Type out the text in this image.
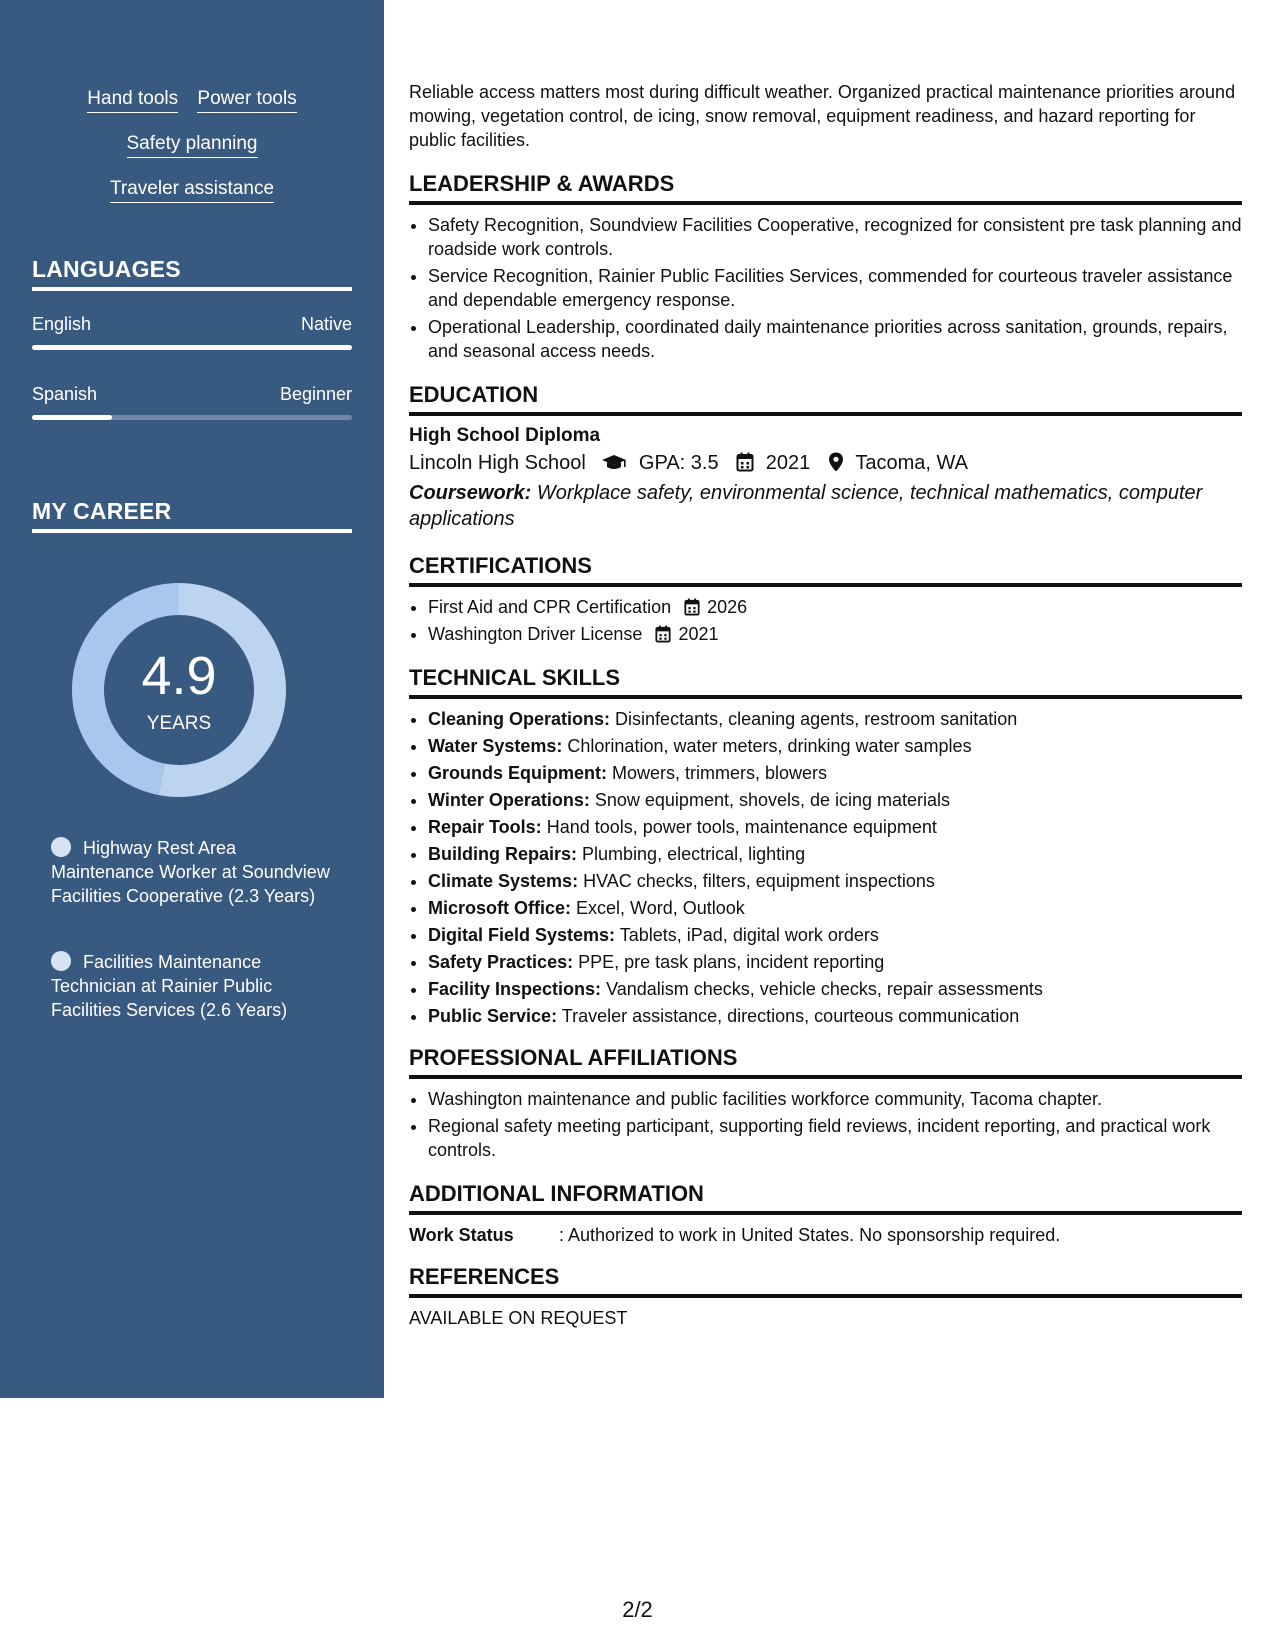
Hand tools Power tools
Safety planning
Traveler assistance
LANGUAGES
English	Native
Spanish	Beginner
MY CAREER
4.9
YEARS
Highway Rest Area Maintenance Worker at Soundview Facilities Cooperative (2.3 Years)
Facilities Maintenance Technician at Rainier Public Facilities Services (2.6 Years)

Reliable access matters most during difficult weather. Organized practical maintenance priorities around mowing, vegetation control, de icing, snow removal, equipment readiness, and hazard reporting for public facilities.

LEADERSHIP & AWARDS
• Safety Recognition, Soundview Facilities Cooperative, recognized for consistent pre task planning and roadside work controls.
• Service Recognition, Rainier Public Facilities Services, commended for courteous traveler assistance and dependable emergency response.
• Operational Leadership, coordinated daily maintenance priorities across sanitation, grounds, repairs, and seasonal access needs.
EDUCATION
High School Diploma
Lincoln High School	GPA: 3.5 2021 Tacoma, WA
Coursework: Workplace safety, environmental science, technical mathematics, computer applications
CERTIFICATIONS
• First Aid and CPR Certification 2026
• Washington Driver License 2021
TECHNICAL SKILLS
• Cleaning Operations: Disinfectants, cleaning agents, restroom sanitation
• Water Systems: Chlorination, water meters, drinking water samples
• Grounds Equipment: Mowers, trimmers, blowers
• Winter Operations: Snow equipment, shovels, de icing materials
• Repair Tools: Hand tools, power tools, maintenance equipment
• Building Repairs: Plumbing, electrical, lighting
• Climate Systems: HVAC checks, filters, equipment inspections
• Microsoft Office: Excel, Word, Outlook
• Digital Field Systems: Tablets, iPad, digital work orders
• Safety Practices: PPE, pre task plans, incident reporting
• Facility Inspections: Vandalism checks, vehicle checks, repair assessments
• Public Service: Traveler assistance, directions, courteous communication
PROFESSIONAL AFFILIATIONS
• Washington maintenance and public facilities workforce community, Tacoma chapter.
• Regional safety meeting participant, supporting field reviews, incident reporting, and practical work controls.
ADDITIONAL INFORMATION
Work Status	: Authorized to work in United States. No sponsorship required.
REFERENCES
AVAILABLE ON REQUEST
2/2
